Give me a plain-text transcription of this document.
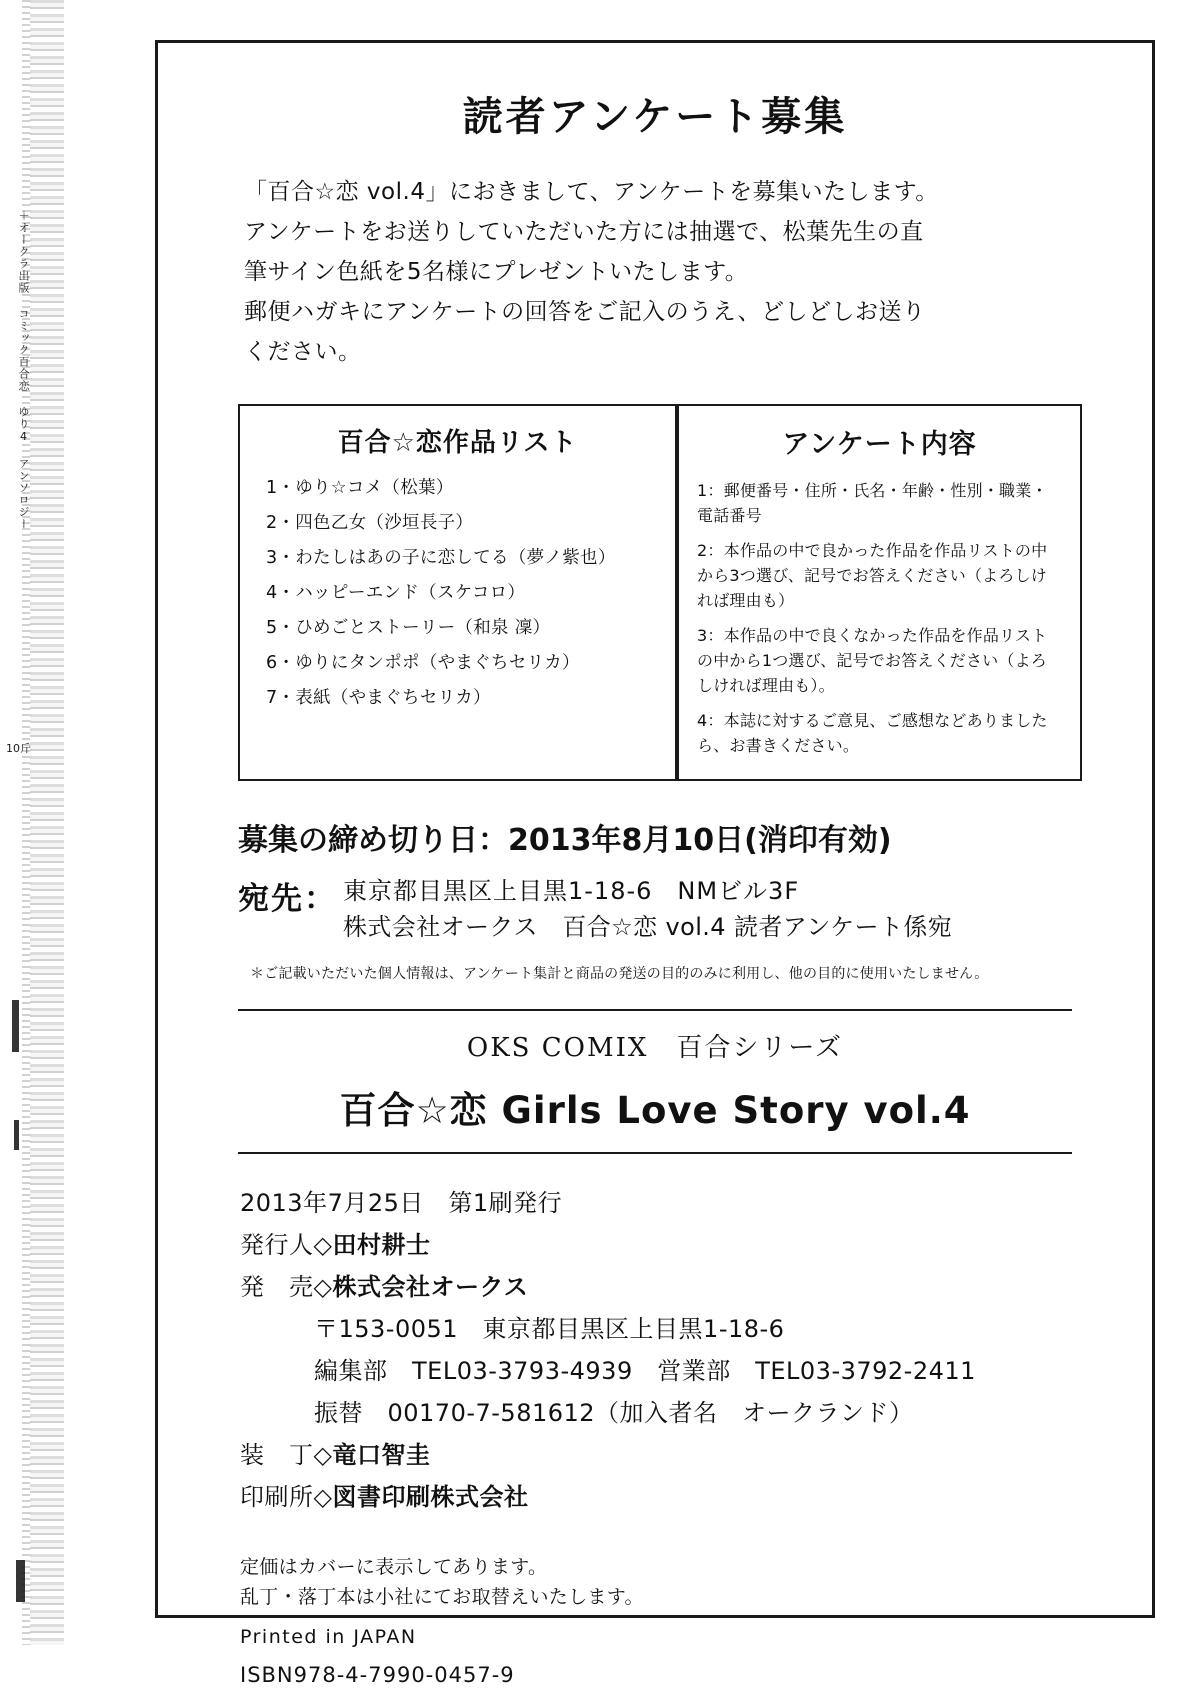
＋オークラ出版 コミック百合恋 ゆり4 アンソロジー
10斤
読者アンケート募集
「百合☆恋 vol.4」におきまして、アンケートを募集いたします。
アンケートをお送りしていただいた方には抽選で、松葉先生の直
筆サイン色紙を5名様にプレゼントいたします。
郵便ハガキにアンケートの回答をご記入のうえ、どしどしお送り
ください。
百合☆恋作品リスト
1・ゆり☆コメ（松葉）
2・四色乙女（沙垣長子）
3・わたしはあの子に恋してる（夢ノ紫也）
4・ハッピーエンド（スケコロ）
5・ひめごとストーリー（和泉 凜）
6・ゆりにタンポポ（やまぐちセリカ）
7・表紙（やまぐちセリカ）
アンケート内容
1：郵便番号・住所・氏名・年齢・性別・職業・電話番号
2：本作品の中で良かった作品を作品リストの中から3つ選び、記号でお答えください（よろしければ理由も）
3：本作品の中で良くなかった作品を作品リストの中から1つ選び、記号でお答えください（よろしければ理由も）。
4：本誌に対するご意見、ご感想などありましたら、お書きください。
募集の締め切り日：2013年8月10日(消印有効)
宛先： 東京都目黒区上目黒1-18-6　NMビル3F
株式会社オークス　百合☆恋 vol.4 読者アンケート係宛
＊ご記載いただいた個人情報は、アンケート集計と商品の発送の目的のみに利用し、他の目的に使用いたしません。
OKS COMIX　百合シリーズ
百合☆恋 Girls Love Story vol.4
2013年7月25日　第1刷発行
発行人◇田村耕士
発　売◇株式会社オークス
〒153-0051　東京都目黒区上目黒1-18-6
編集部　TEL03-3793-4939　営業部　TEL03-3792-2411
振替　00170-7-581612（加入者名　オークランド）
装　丁◇竜口智圭
印刷所◇図書印刷株式会社
定価はカバーに表示してあります。
乱丁・落丁本は小社にてお取替えいたします。
Printed in JAPAN
ISBN978-4-7990-0457-9
